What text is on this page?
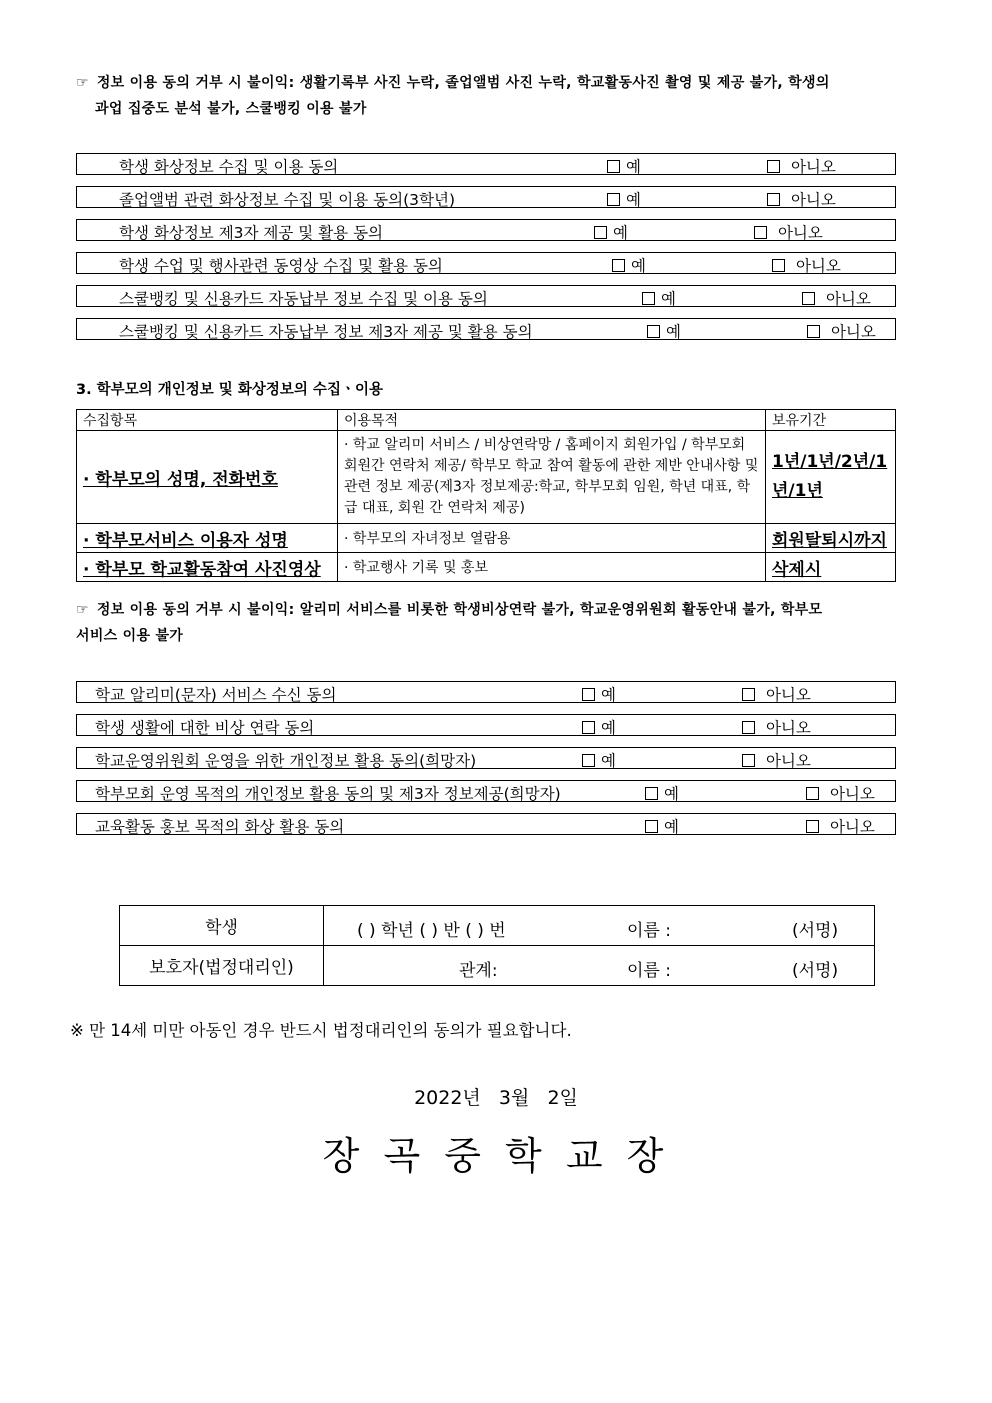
☞ 정보 이용 동의 거부 시 불이익: 생활기록부 사진 누락, 졸업앨범 사진 누락, 학교활동사진 촬영 및 제공 불가, 학생의
과업 집중도 분석 불가, 스쿨뱅킹 이용 불가
학생 화상정보 수집 및 이용 동의	예	아니오
졸업앨범 관련 화상정보 수집 및 이용 동의(3학년)	예	아니오
학생 화상정보 제3자 제공 및 활용 동의	예	아니오
학생 수업 및 행사관련 동영상 수집 및 활용 동의	예	아니오
스쿨뱅킹 및 신용카드 자동납부 정보 수집 및 이용 동의	예	아니오
스쿨뱅킹 및 신용카드 자동납부 정보 제3자 제공 및 활용 동의	예	아니오
3. 학부모의 개인정보 및 화상정보의 수집ㆍ이용
수집항목	이용목적	보유기간
· 학부모의 성명, 전화번호	· 학교 알리미 서비스 / 비상연락망 / 홈페이지 회원가입 / 학부모회 회원간 연락처 제공/ 학부모 학교 참여 활동에 관한 제반 안내사항 및 관련 정보 제공(제3자 정보제공:학교, 학부모회 임원, 학년 대표, 학급 대표, 회원 간 연락처 제공)	1년/1년/2년/1년/1년
· 학부모서비스 이용자 성명	· 학부모의 자녀정보 열람용	회원탈퇴시까지
· 학부모 학교활동참여 사진영상	· 학교행사 기록 및 홍보	삭제시
☞ 정보 이용 동의 거부 시 불이익: 알리미 서비스를 비롯한 학생비상연락 불가, 학교운영위원회 활동안내 불가, 학부모
서비스 이용 불가
학교 알리미(문자) 서비스 수신 동의	예	아니오
학생 생활에 대한 비상 연락 동의	예	아니오
학교운영위원회 운영을 위한 개인정보 활용 동의(희망자)	예	아니오
학부모회 운영 목적의 개인정보 활용 동의 및 제3자 정보제공(희망자)	예	아니오
교육활동 홍보 목적의 화상 활용 동의	예	아니오
학생	( ) 학년 ( ) 반 ( ) 번 이름 : (서명)

보호자(법정대리인)	관계: 이름 : (서명)
※ 만 14세 미만 아동인 경우 반드시 법정대리인의 동의가 필요합니다.
2022년   3월   2일
장 곡 중 학 교 장
